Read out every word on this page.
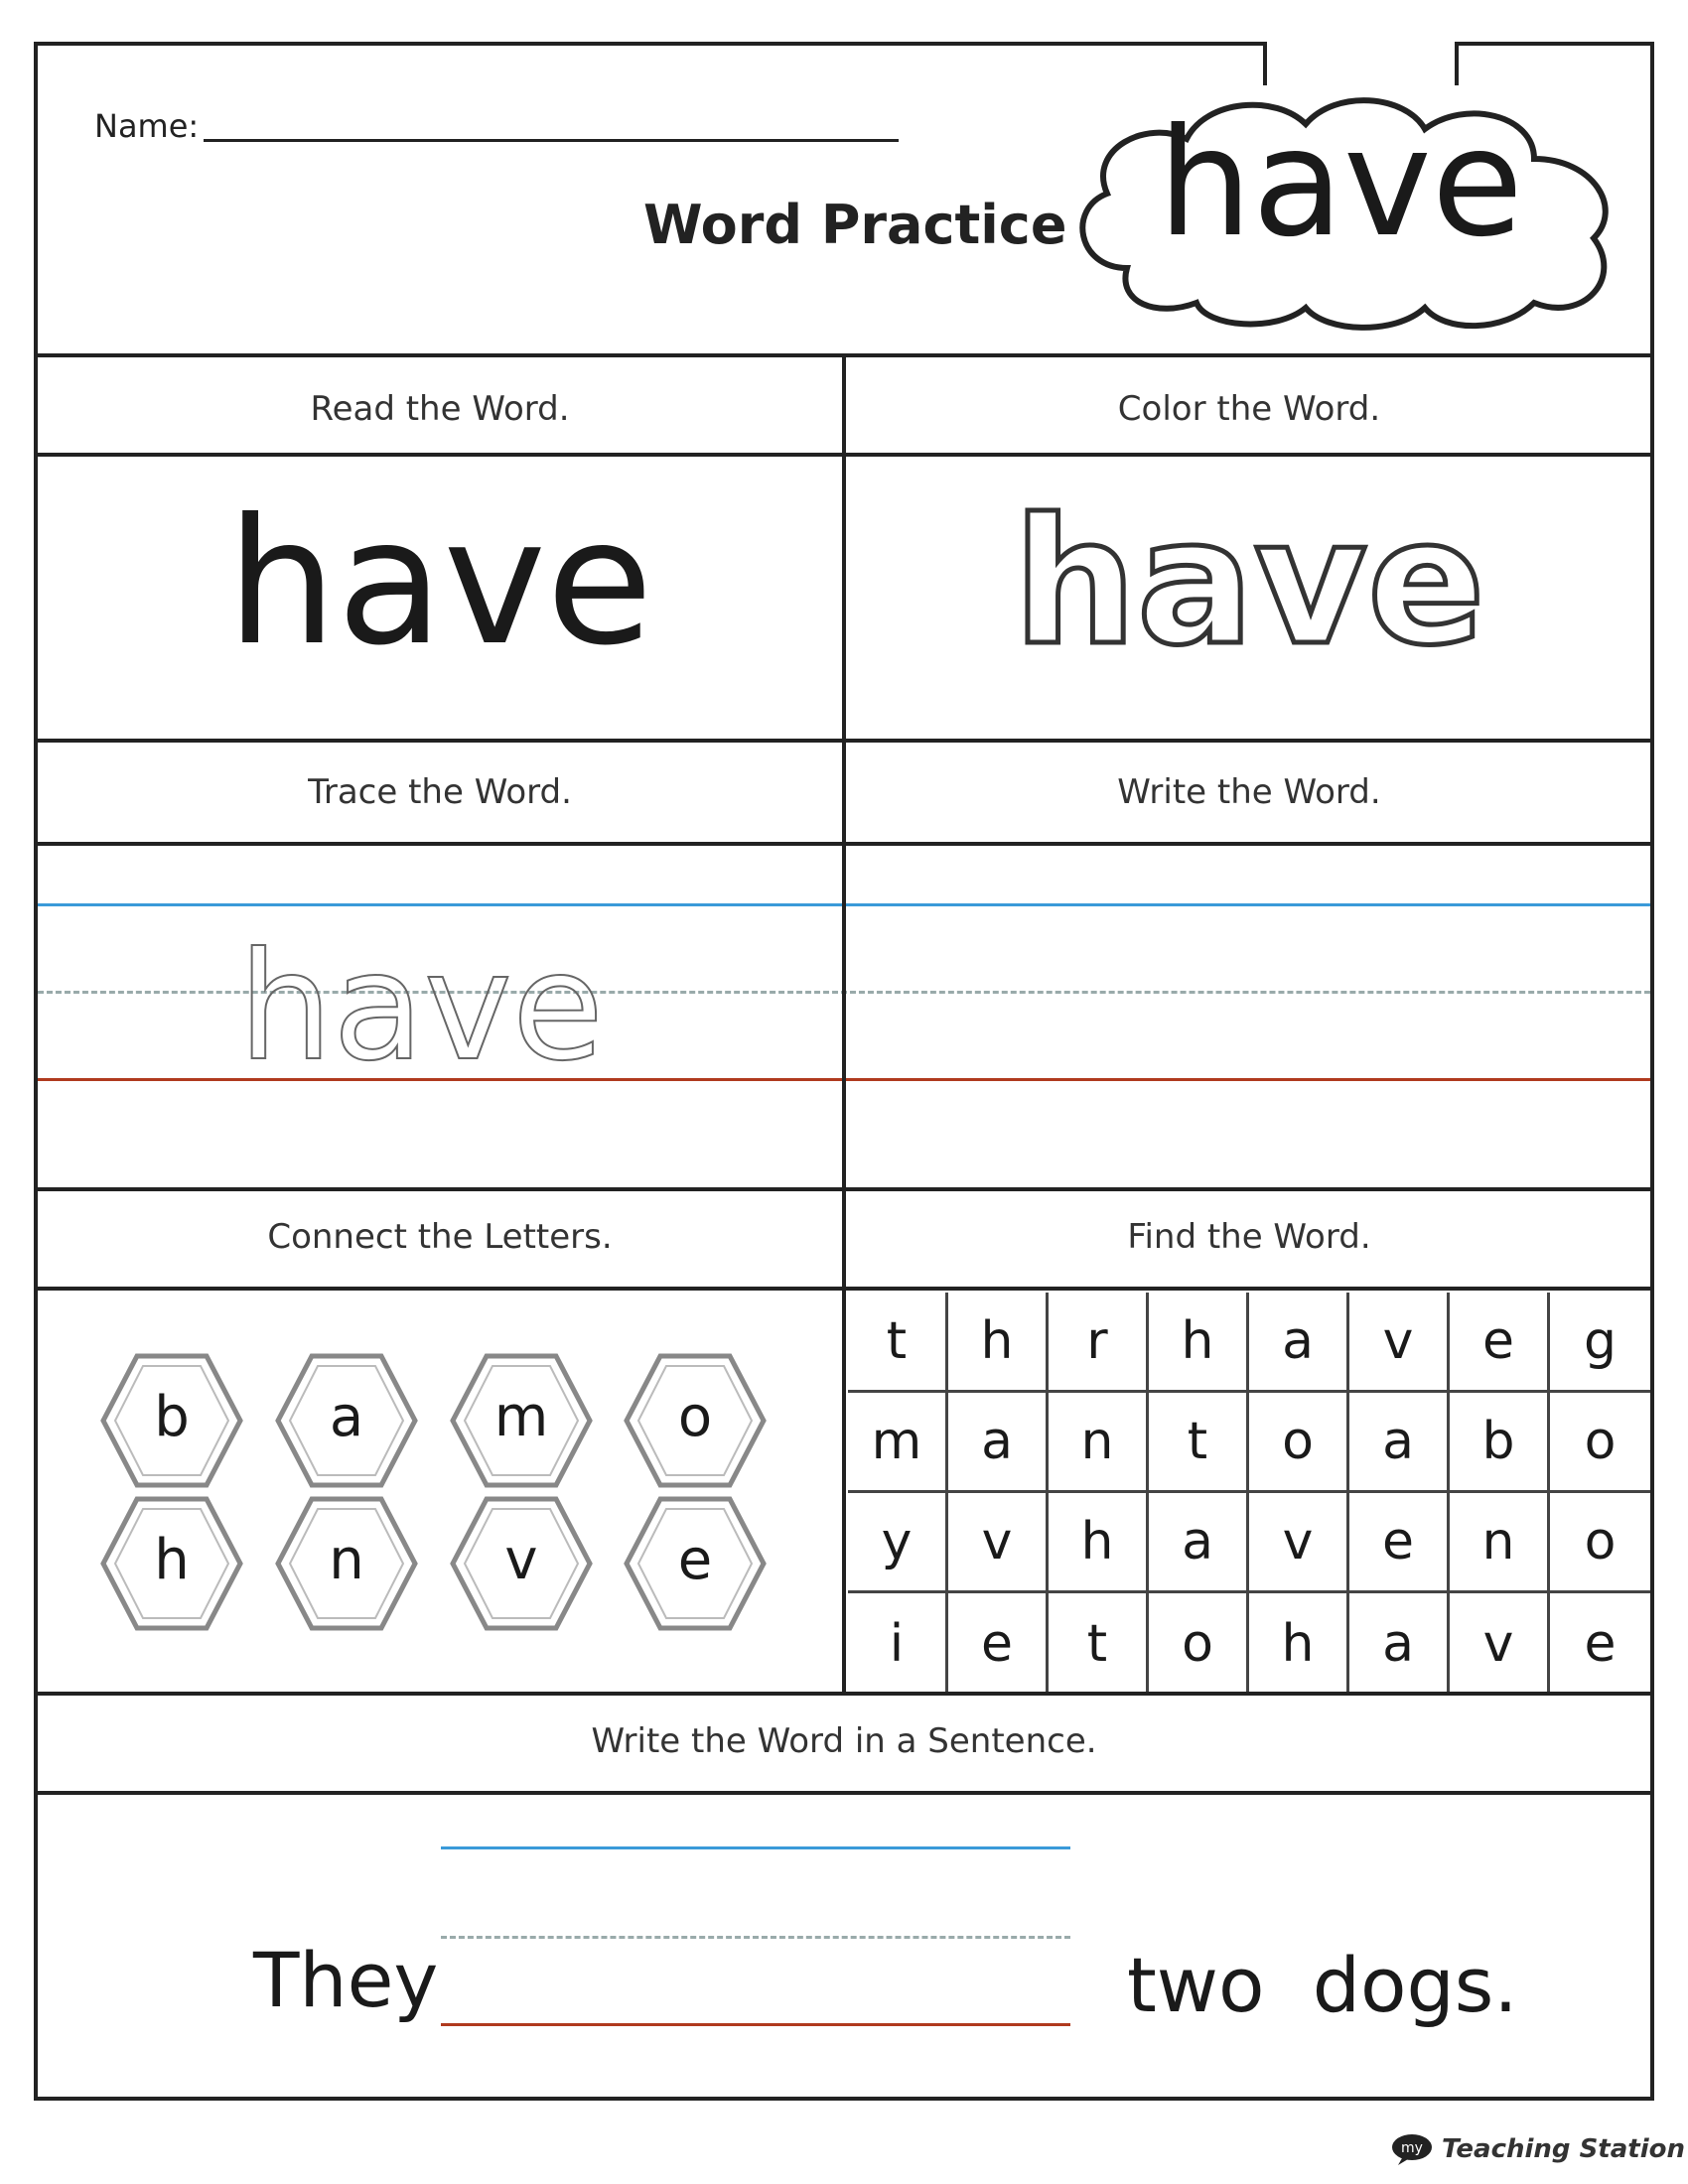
Name:
Word Practice have
Read the Word.	Color the Word.
have	have
Trace the Word.	Write the Word.
have
Connect the Letters.	Find the Word.
b	a	m	o
h	n	v	e
t	h	r	h	a	v	e	g
m	a	n	t	o	a	b	o
y	v	h	a	v	e	n	o
i	e	t	o	h	a	v	e
Write the Word in a Sentence.
They	two  dogs.
my Teaching Station
